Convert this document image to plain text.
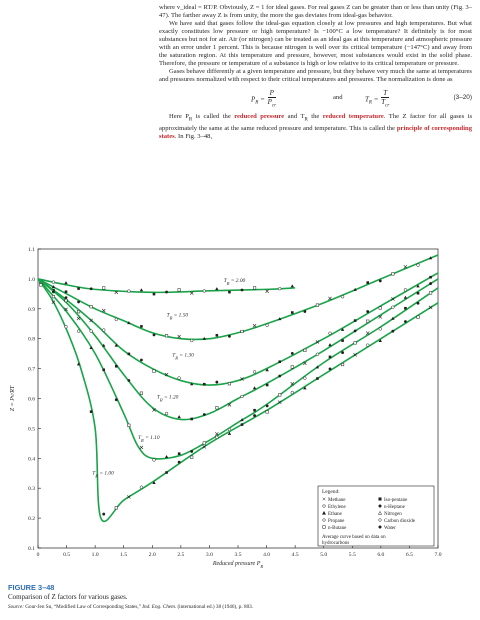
where v_ideal = RT/P. Obviously, Z = 1 for ideal gases. For real gases Z can be greater than or less than unity (Fig. 3–47). The farther away Z is from unity, the more the gas deviates from ideal-gas behavior.

We have said that gases follow the ideal-gas equation closely at low pressures and high temperatures. But what exactly constitutes low pressure or high temperature? Is −100°C a low temperature? It definitely is for most substances but not for air. Air (or nitrogen) can be treated as an ideal gas at this temperature and atmospheric pressure with an error under 1 percent. This is because nitrogen is well over its critical temperature (−147°C) and away from the saturation region. At this temperature and pressure, however, most substances would exist in the solid phase. Therefore, the pressure or temperature of a substance is high or low relative to its critical temperature or pressure.

Gases behave differently at a given temperature and pressure, but they behave very much the same at temperatures and pressures normalized with respect to their critical temperatures and pressures. The normalization is done as

$P_R = \frac{P}{P_{cr}}$	and	$T_R = \frac{T}{T_{cr}}$	(3–20)

Here $P_R$ is called the reduced pressure and $T_R$ the reduced temperature. The Z factor for all gases is approximately the same at the same reduced pressure and temperature. This is called the principle of corresponding states. In Fig. 3–48,

0	0.5	1.0	1.5	2.0	2.5	3.0	3.5	4.0	4.5	5.0	5.5	6.0	6.5	7.0
0.1
0.2
0.3
0.4
0.5
0.6
0.7
0.8
0.9
1.0
1.1
Reduced pressure $P_R$
Z = Pv/RT
$T_R = 2.00$
$T_R = 1.50$
$T_R = 1.30$
$T_R = 1.20$
$T_R = 1.10$
$T_R = 1.00$
Legend:
Methane
Ethylene
Ethane
Propane
n-Butane
Iso-pentane
n-Heptane
Nitrogen
Carbon dioxide
Water
Average curve based on data on
hydrocarbons
FIGURE 3–48
Comparison of Z factors for various gases.
Source: Gour-Jen Su, “Modified Law of Corresponding States,” Ind. Eng. Chem. (international ed.) 38 (1946), p. 803.
